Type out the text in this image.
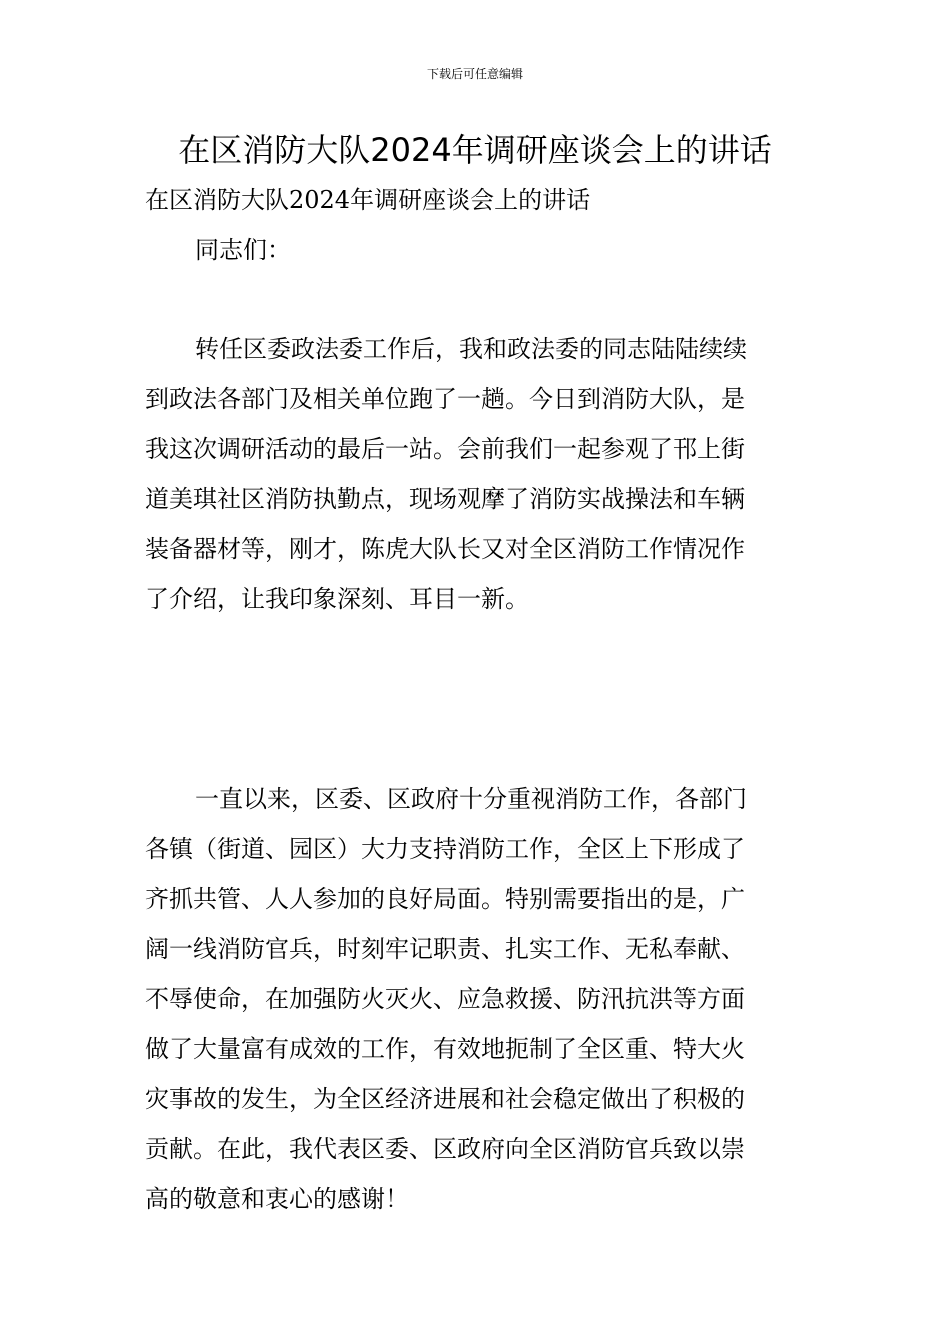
下载后可任意编辑
在区消防大队2024年调研座谈会上的讲话
在区消防大队2024年调研座谈会上的讲话
同志们：
转任区委政法委工作后，我和政法委的同志陆陆续续
到政法各部门及相关单位跑了一趟。今日到消防大队，是
我这次调研活动的最后一站。会前我们一起参观了邗上街
道美琪社区消防执勤点，现场观摩了消防实战操法和车辆
装备器材等，刚才，陈虎大队长又对全区消防工作情况作
了介绍，让我印象深刻、耳目一新。
一直以来，区委、区政府十分重视消防工作，各部门
各镇（街道、园区）大力支持消防工作，全区上下形成了
齐抓共管、人人参加的良好局面。特别需要指出的是，广
阔一线消防官兵，时刻牢记职责、扎实工作、无私奉献、
不辱使命，在加强防火灭火、应急救援、防汛抗洪等方面
做了大量富有成效的工作，有效地扼制了全区重、特大火
灾事故的发生，为全区经济进展和社会稳定做出了积极的
贡献。在此，我代表区委、区政府向全区消防官兵致以崇
高的敬意和衷心的感谢！
